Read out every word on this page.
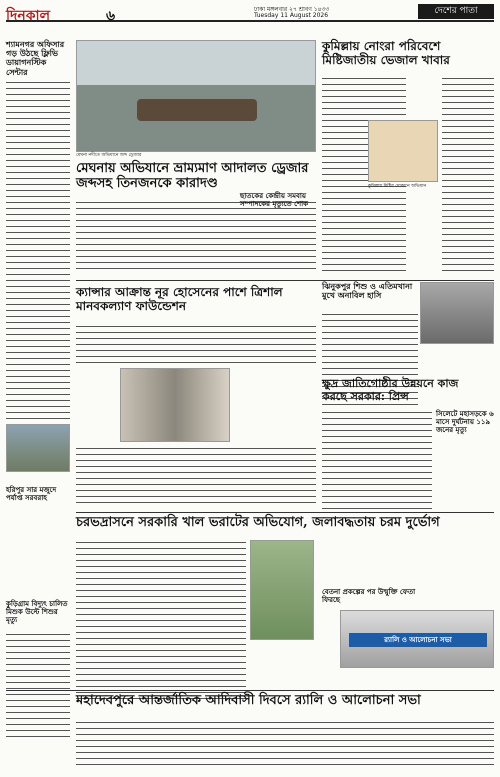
দিনকাল	৬	ঢাকা মঙ্গলবার ২৭ শ্রাবণ ১৪৩৩
Tuesday 11 August 2026	দেশের পাতা
শ্যামনগর অফিসার গড় উঠছে ফ্লিভি ডায়াগনস্টিক সেন্টার
মেঘনা নদীতে অভিযানে জব্দ ড্রেজার
মেঘনায় অভিযানে ভ্রাম্যমাণ আদালত ড্রেজার জব্দসহ তিনজনকে কারাদণ্ড
কুমিল্লায় নোংরা পরিবেশে মিষ্টিজাতীয় ভেজাল খাবার
কুমিল্লায় মিষ্টির দোকানে অভিযান
ছাতকের কেন্দ্রীয় সমবায় সম্পাদকের মৃত্যুতে শোক
ক্যান্সার আক্রান্ত নূর হোসেনের পাশে ত্রিশাল মানবকল্যাণ ফাউন্ডেশন
হরিপুর সার মজুদে পর্যাপ্ত সরবরাহ
ঝিনুকপুর শিশু ও এতিমখানা মুখে অনাবিল হাসি
ক্ষুদ্র জাতিগোষ্ঠীর উন্নয়নে কাজ করছে সরকার: প্রিন্স
সিলেটে মহাসড়কে ৬ মাসে দুর্ঘটনায় ১১৯ জনের মৃত্যু
চরভদ্রাসনে সরকারি খাল ভরাটের অভিযোগ, জলাবদ্ধতায় চরম দুর্ভোগ
কুড়িগ্রাম বিদ্যুৎ চালিত মিশুক উল্টে শিশুর মৃত্যু
বেতনা প্রকল্পের পর উন্মুক্তি ফেতা ফিরছে
র‍্যালি ও আলোচনা সভা
মহাদেবপুরে আন্তর্জাতিক আদিবাসী দিবসে র‍্যালি ও আলোচনা সভা
